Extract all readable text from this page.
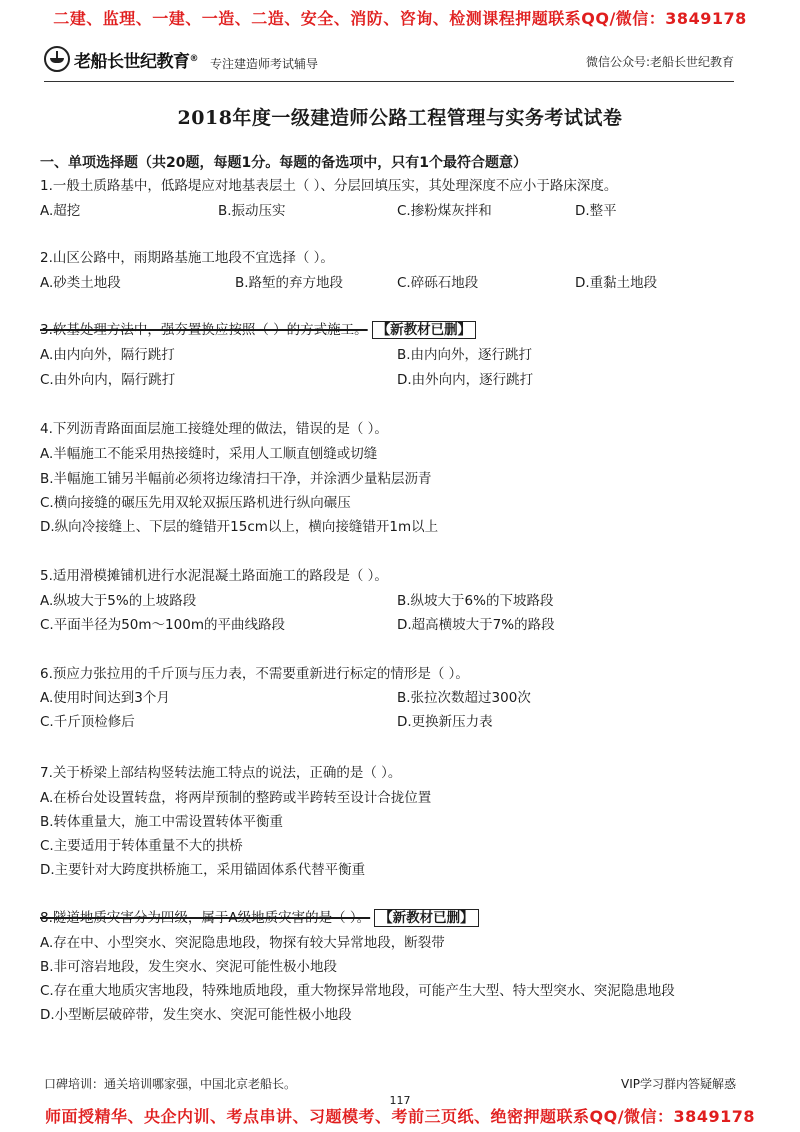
二建、监理、一建、一造、二造、安全、消防、咨询、检测课程押题联系QQ/微信：3849178
老船长世纪教育 ® 专注建造师考试辅导	微信公众号:老船长世纪教育
2018年度一级建造师公路工程管理与实务考试试卷
一、单项选择题（共20题，每题1分。每题的备选项中，只有1个最符合题意）
1.一般土质路基中，低路堤应对地基表层土（ ）、分层回填压实，其处理深度不应小于路床深度。
A.超挖	B.振动压实	C.掺粉煤灰拌和	D.整平
2.山区公路中，雨期路基施工地段不宜选择（ ）。
A.砂类土地段	B.路堑的弃方地段	C.碎砾石地段	D.重黏土地段
3.软基处理方法中，强夯置换应按照（ ）的方式施工。 【新教材已删】
A.由内向外，隔行跳打	B.由内向外，逐行跳打
C.由外向内，隔行跳打	D.由外向内，逐行跳打
4.下列沥青路面面层施工接缝处理的做法，错误的是（ ）。
A.半幅施工不能采用热接缝时，采用人工顺直刨缝或切缝
B.半幅施工铺另半幅前必须将边缘清扫干净，并涂洒少量粘层沥青
C.横向接缝的碾压先用双轮双振压路机进行纵向碾压
D.纵向冷接缝上、下层的缝错开15cm以上，横向接缝错开1m以上
5.适用滑模摊铺机进行水泥混凝土路面施工的路段是（ ）。
A.纵坡大于5%的上坡路段	B.纵坡大于6%的下坡路段
C.平面半径为50m～100m的平曲线路段	D.超高横坡大于7%的路段
6.预应力张拉用的千斤顶与压力表，不需要重新进行标定的情形是（ ）。
A.使用时间达到3个月	B.张拉次数超过300次
C.千斤顶检修后	D.更换新压力表
7.关于桥梁上部结构竖转法施工特点的说法，正确的是（ ）。
A.在桥台处设置转盘，将两岸预制的整跨或半跨转至设计合拢位置
B.转体重量大，施工中需设置转体平衡重
C.主要适用于转体重量不大的拱桥
D.主要针对大跨度拱桥施工，采用锚固体系代替平衡重
8.隧道地质灾害分为四级，属于A级地质灾害的是（ ）。 【新教材已删】
A.存在中、小型突水、突泥隐患地段，物探有较大异常地段，断裂带
B.非可溶岩地段，发生突水、突泥可能性极小地段
C.存在重大地质灾害地段，特殊地质地段，重大物探异常地段，可能产生大型、特大型突水、突泥隐患地段
D.小型断层破碎带，发生突水、突泥可能性极小地段
口碑培训：通关培训哪家强，中国北京老船长。	VIP学习群内答疑解惑
117
师面授精华、央企内训、考点串讲、习题模考、考前三页纸、绝密押题联系QQ/微信：3849178
